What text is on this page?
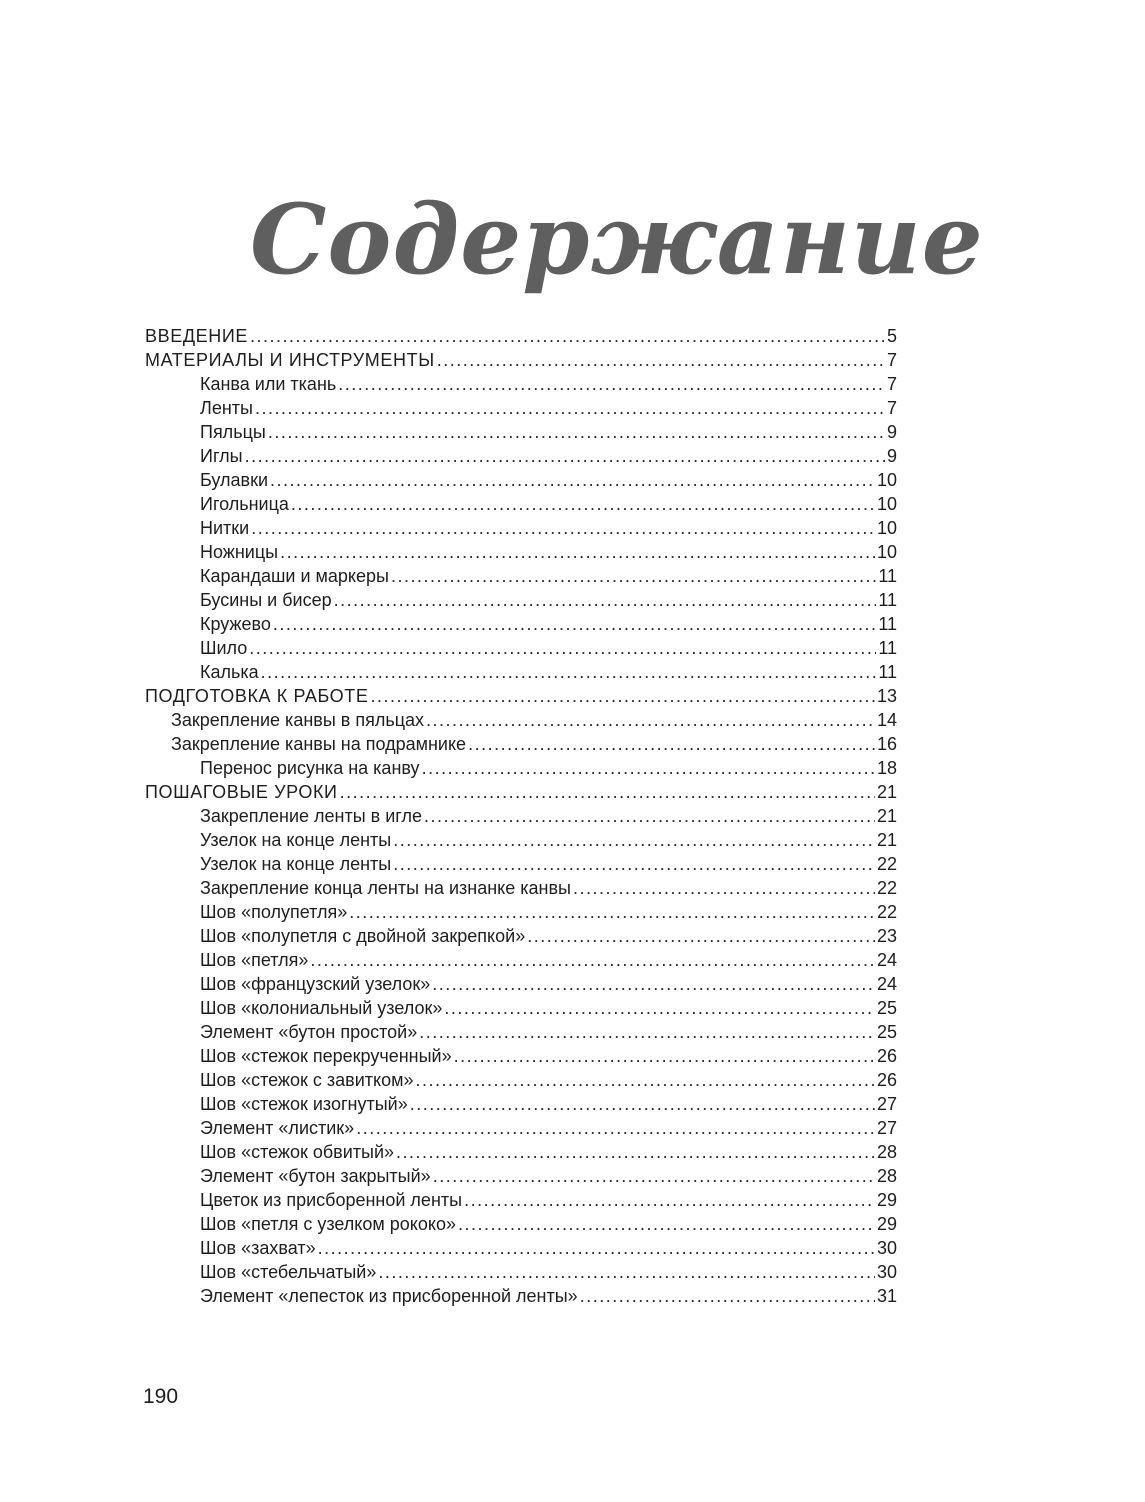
Содержание
ВВЕДЕНИЕ .....	5
МАТЕРИАЛЫ И ИНСТРУМЕНТЫ .....	7
Канва или ткань .....	7
Ленты .....	7
Пяльцы .....	9
Иглы .....	9
Булавки .....	10
Игольница .....	10
Нитки .....	10
Ножницы .....	10
Карандаши и маркеры .....	11
Бусины и бисер .....	11
Кружево .....	11
Шило .....	11
Калька .....	11
ПОДГОТОВКА К РАБОТЕ .....	13
Закрепление канвы в пяльцах .....	14
Закрепление канвы на подрамнике .....	16
Перенос рисунка на канву .....	18
ПОШАГОВЫЕ УРОКИ .....	21
Закрепление ленты в игле .....	21
Узелок на конце ленты .....	21
Узелок на конце ленты .....	22
Закрепление конца ленты на изнанке канвы .....	22
Шов «полупетля» .....	22
Шов «полупетля с двойной закрепкой» .....	23
Шов «петля» .....	24
Шов «французский узелок» .....	24
Шов «колониальный узелок» .....	25
Элемент «бутон простой» .....	25
Шов «стежок перекрученный» .....	26
Шов «стежок с завитком» .....	26
Шов «стежок изогнутый» .....	27
Элемент «листик» .....	27
Шов «стежок обвитый» .....	28
Элемент «бутон закрытый» .....	28
Цветок из присборенной ленты .....	29
Шов «петля с узелком рококо» .....	29
Шов «захват» .....	30
Шов «стебельчатый» .....	30
Элемент «лепесток из присборенной ленты» .....	31
190
